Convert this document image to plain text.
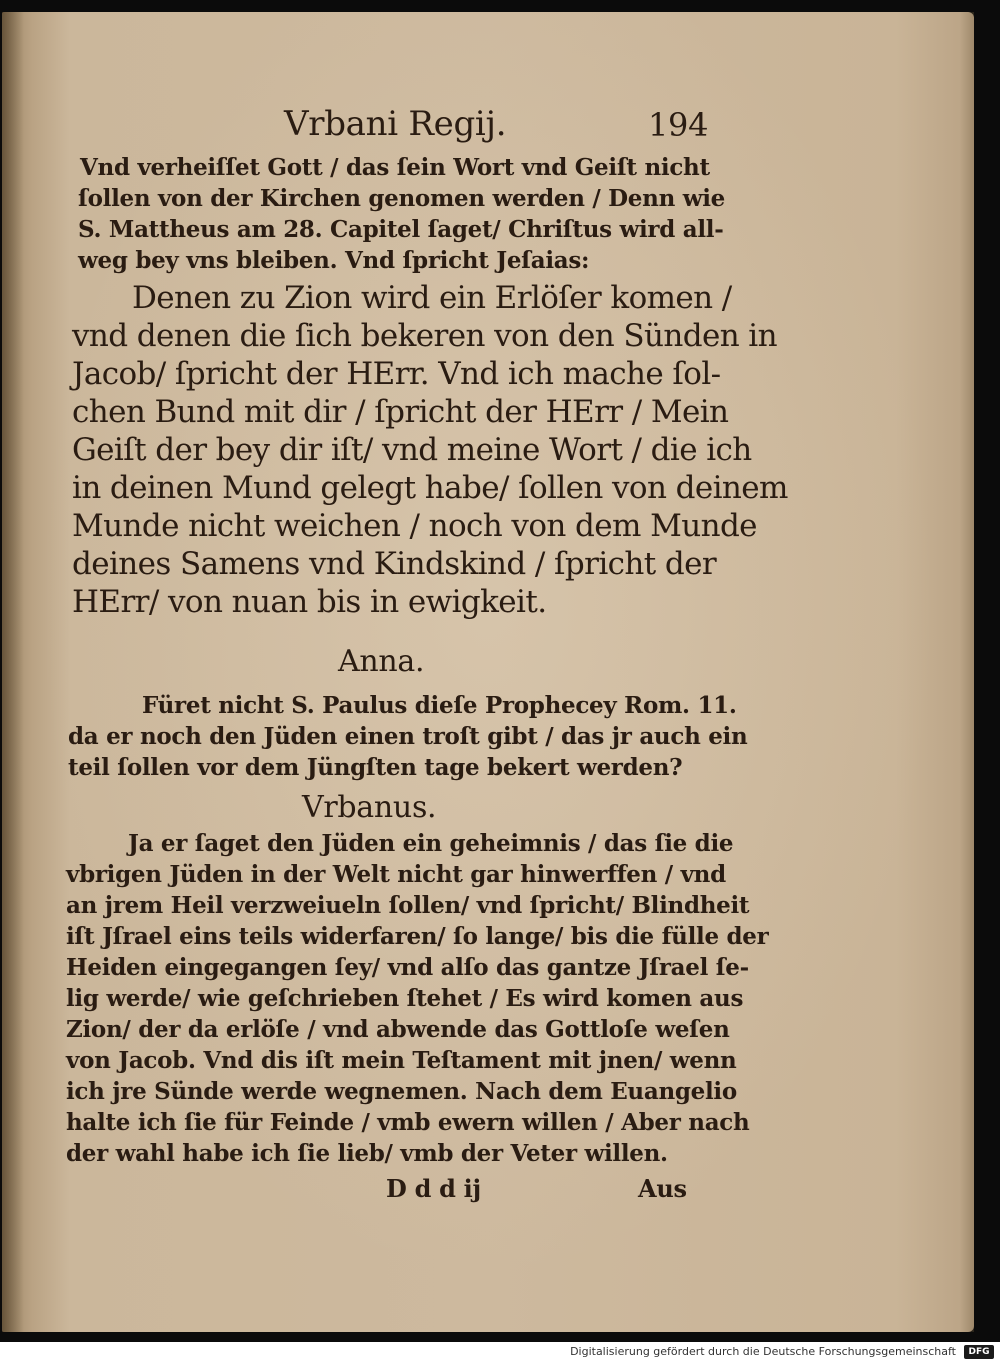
Vrbani Regij.	194
Vnd verheiſſet Gott / das ſein Wort vnd Geiſt nicht
ſollen von der Kirchen genomen werden / Denn wie
S. Mattheus am 28. Capitel ſaget/ Chriſtus wird all-
weg bey vns bleiben. Vnd ſpricht Jeſaias:
Denen zu Zion wird ein Erlöſer komen /
vnd denen die ſich bekeren von den Sünden in
Jacob/ ſpricht der HErr. Vnd ich mache ſol-
chen Bund mit dir / ſpricht der HErr / Mein
Geiſt der bey dir iſt/ vnd meine Wort / die ich
in deinen Mund gelegt habe/ ſollen von deinem
Munde nicht weichen / noch von dem Munde
deines Samens vnd Kindskind / ſpricht der
HErr/ von nuan bis in ewigkeit.
Anna.
Füret nicht S. Paulus dieſe Prophecey Rom. 11.
da er noch den Jüden einen troſt gibt / das jr auch ein
teil ſollen vor dem Jüngſten tage bekert werden?
Vrbanus.
Ja er ſaget den Jüden ein geheimnis / das ſie die
vbrigen Jüden in der Welt nicht gar hinwerffen / vnd
an jrem Heil verzweiueln ſollen/ vnd ſpricht/ Blindheit
iſt Jſrael eins teils widerfaren/ ſo lange/ bis die fülle der
Heiden eingegangen ſey/ vnd alſo das gantze Jſrael ſe-
lig werde/ wie geſchrieben ſtehet / Es wird komen aus
Zion/ der da erlöſe / vnd abwende das Gottloſe weſen
von Jacob. Vnd dis iſt mein Teſtament mit jnen/ wenn
ich jre Sünde werde wegnemen. Nach dem Euangelio
halte ich ſie für Feinde / vmb ewern willen / Aber nach
der wahl habe ich ſie lieb/ vmb der Veter willen.
D d d ij	Aus
Digitalisierung gefördert durch die Deutsche Forschungsgemeinschaft	DFG
